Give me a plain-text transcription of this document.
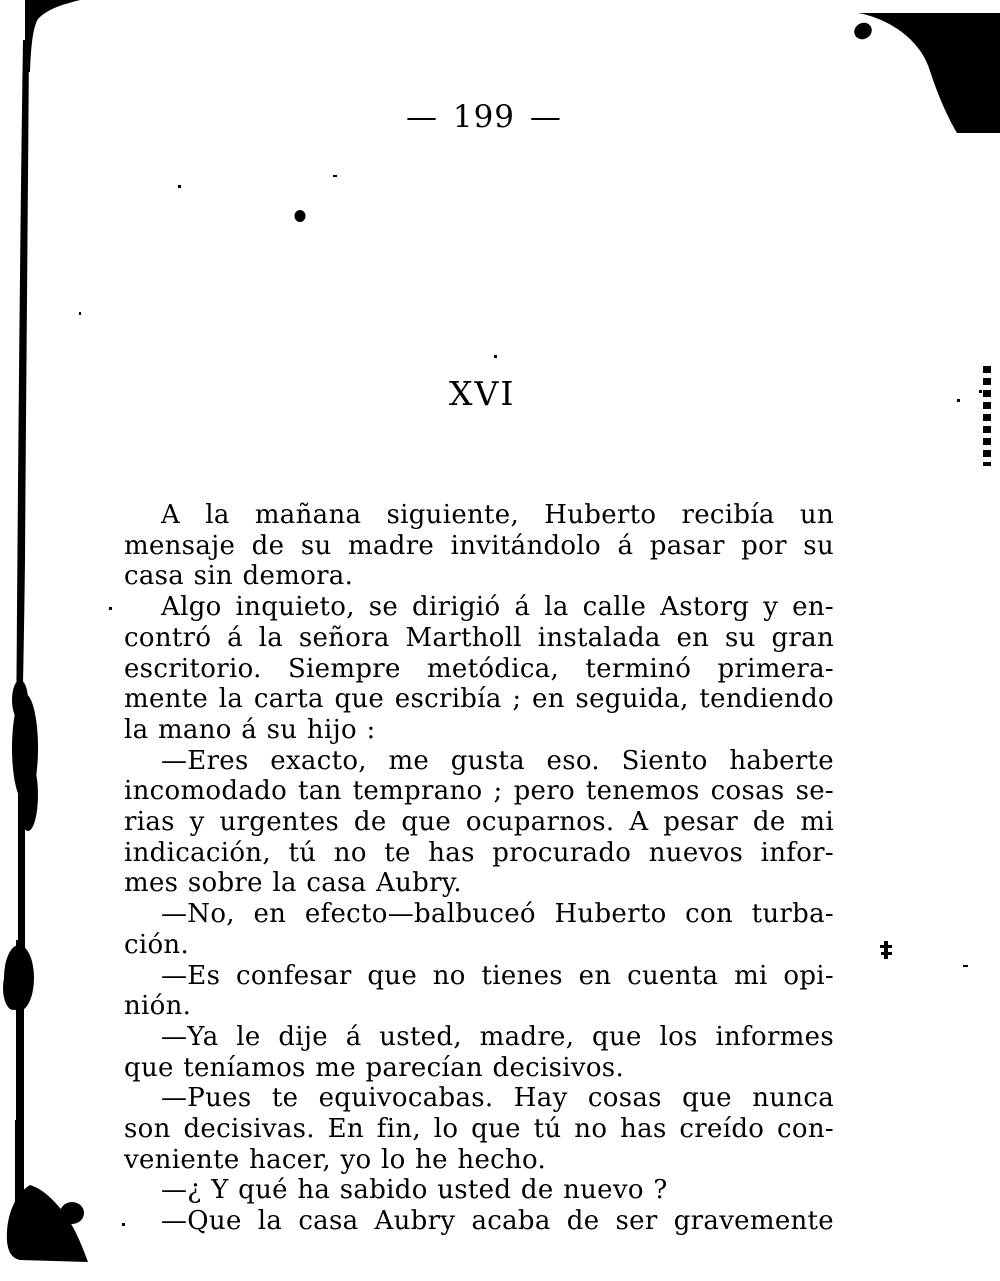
— 199 —
XVI
A la mañana siguiente, Huberto recibía un
mensaje de su madre invitándolo á pasar por su
casa sin demora.
Algo inquieto, se dirigió á la calle Astorg y en-
contró á la señora Martholl instalada en su gran
escritorio. Siempre metódica, terminó primera-
mente la carta que escribía ; en seguida, tendiendo
la mano á su hijo :
—Eres exacto, me gusta eso. Siento haberte
incomodado tan temprano ; pero tenemos cosas se-
rias y urgentes de que ocuparnos. A pesar de mi
indicación, tú no te has procurado nuevos infor-
mes sobre la casa Aubry.
—No, en efecto—balbuceó Huberto con turba-
ción.
—Es confesar que no tienes en cuenta mi opi-
nión.
—Ya le dije á usted, madre, que los informes
que teníamos me parecían decisivos.
—Pues te equivocabas. Hay cosas que nunca
son decisivas. En fin, lo que tú no has creído con-
veniente hacer, yo lo he hecho.
—¿ Y qué ha sabido usted de nuevo ?
—Que la casa Aubry acaba de ser gravemente
